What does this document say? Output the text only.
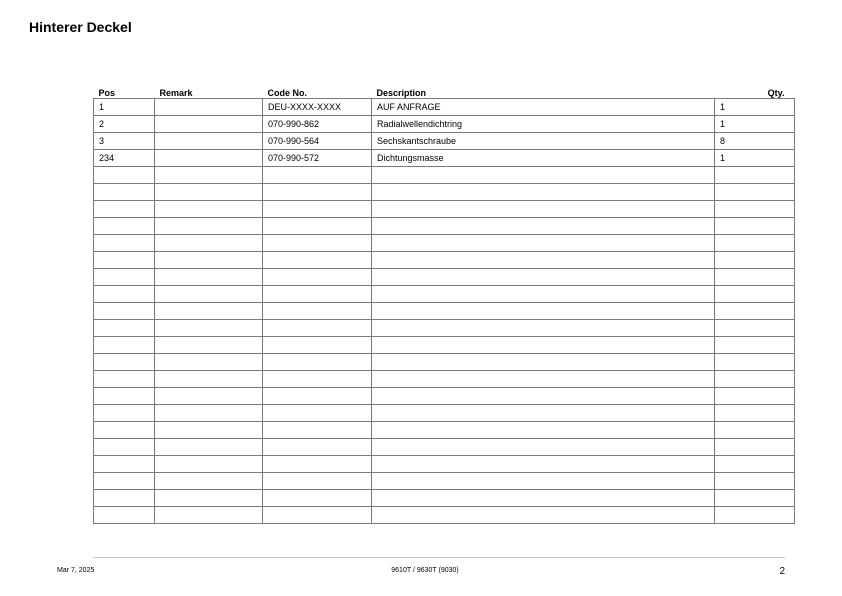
Hinterer Deckel
Pos	Remark	Code No.	Description	Qty.
1		DEU-XXXX-XXXX	AUF ANFRAGE	1
2		070-990-862	Radialwellendichtring	1
3		070-990-564	Sechskantschraube	8
234		070-990-572	Dichtungsmasse	1

Mar 7, 2025	9610T / 9630T (9030)	2
